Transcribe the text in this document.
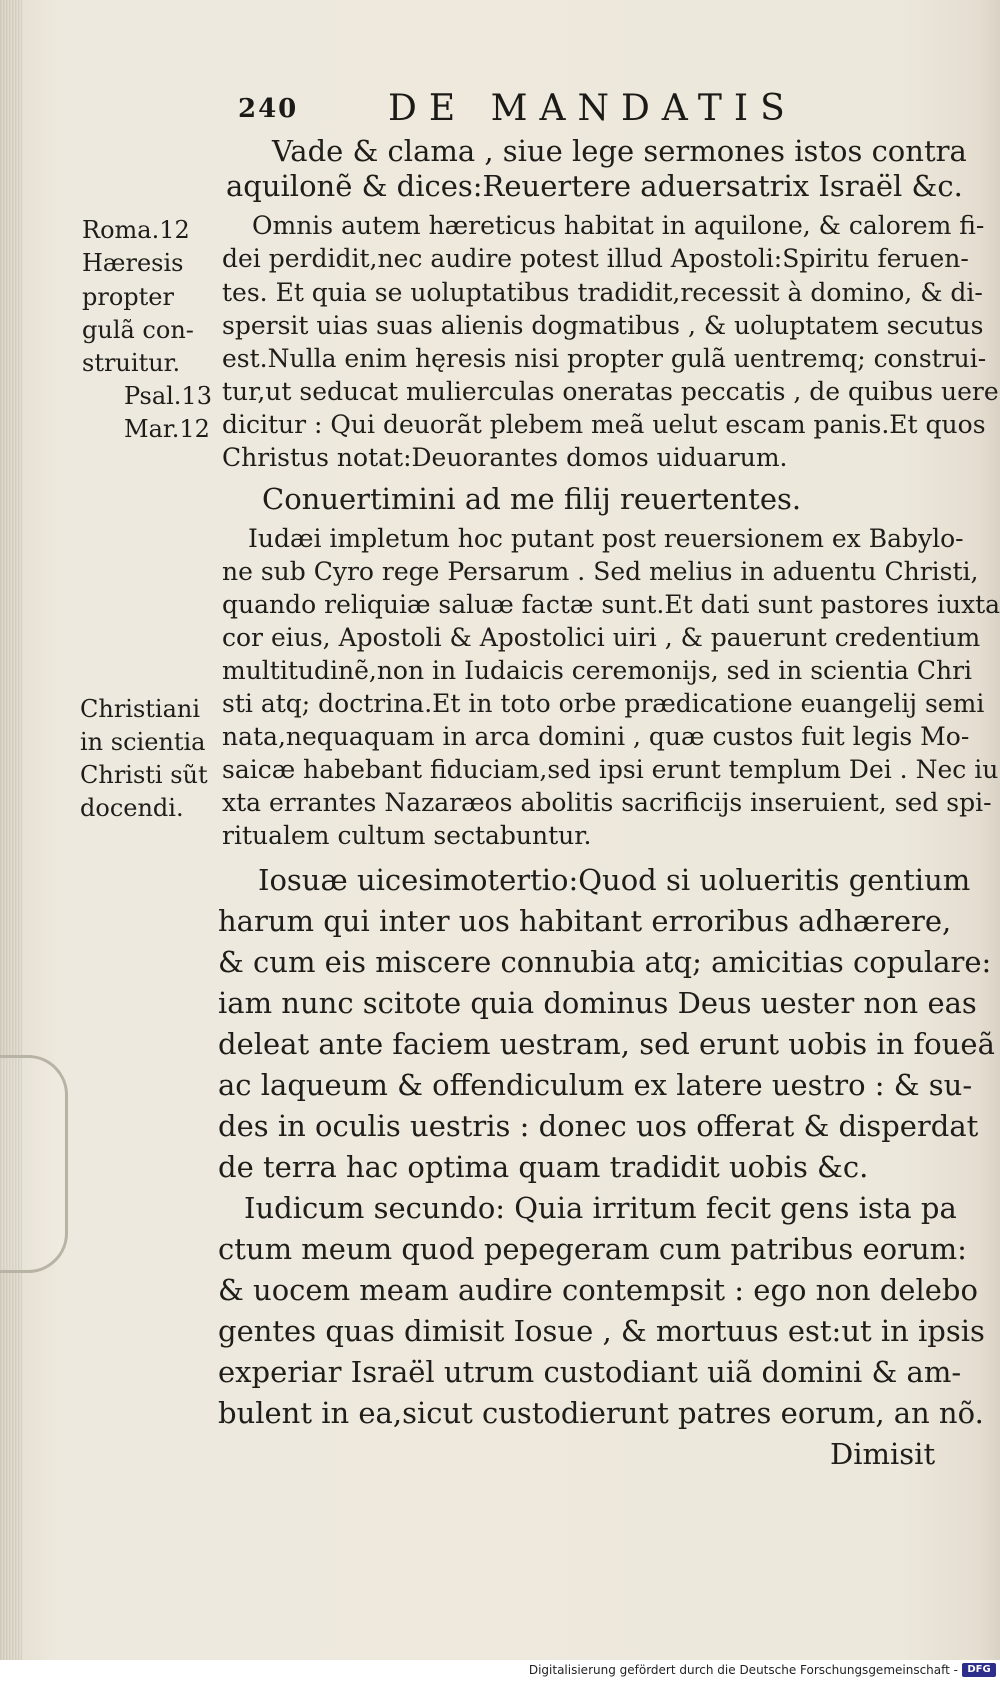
240 DE MANDATIS
Vade & clama , siue lege sermones istos contra
aquilonẽ & dices:Reuertere aduersatrix Israël &c.
Omnis autem hæreticus habitat in aquilone, & calorem fi-
dei perdidit,nec audire potest illud Apostoli:Spiritu feruen-
tes. Et quia se uoluptatibus tradidit,recessit à domino, & di-
spersit uias suas alienis dogmatibus , & uoluptatem secutus
est.Nulla enim hęresis nisi propter gulã uentremq; construi-
tur,ut seducat mulierculas oneratas peccatis , de quibus uere
dicitur : Qui deuorãt plebem meã uelut escam panis.Et quos
Christus notat:Deuorantes domos uiduarum.
Conuertimini ad me filij reuertentes.
Iudæi impletum hoc putant post reuersionem ex Babylo-
ne sub Cyro rege Persarum . Sed melius in aduentu Christi,
quando reliquiæ saluæ factæ sunt.Et dati sunt pastores iuxta
cor eius, Apostoli & Apostolici uiri , & pauerunt credentium
multitudinẽ,non in Iudaicis ceremonijs, sed in scientia Chri
sti atq; doctrina.Et in toto orbe prædicatione euangelij semi
nata,nequaquam in arca domini , quæ custos fuit legis Mo-
saicæ habebant fiduciam,sed ipsi erunt templum Dei . Nec iu
xta errantes Nazaræos abolitis sacrificijs inseruient, sed spi-
ritualem cultum sectabuntur.
Iosuæ uicesimotertio:Quod si uolueritis gentium
harum qui inter uos habitant erroribus adhærere,
& cum eis miscere connubia atq; amicitias copulare:
iam nunc scitote quia dominus Deus uester non eas
deleat ante faciem uestram, sed erunt uobis in foueã
ac laqueum & offendiculum ex latere uestro : & su-
des in oculis uestris : donec uos offerat & disperdat
de terra hac optima quam tradidit uobis &c.
Iudicum secundo: Quia irritum fecit gens ista pa
ctum meum quod pepegeram cum patribus eorum:
& uocem meam audire contempsit : ego non delebo
gentes quas dimisit Iosue , & mortuus est:ut in ipsis
experiar Israël utrum custodiant uiã domini & am-
bulent in ea,sicut custodierunt patres eorum, an nõ.
Dimisit
Roma.12
Hæresis
propter
gulã con-
struitur.
Psal.13
Mar.12
Christiani
in scientia
Christi sũt
docendi.
Digitalisierung gefördert durch die Deutsche Forschungsgemeinschaft - DFG
